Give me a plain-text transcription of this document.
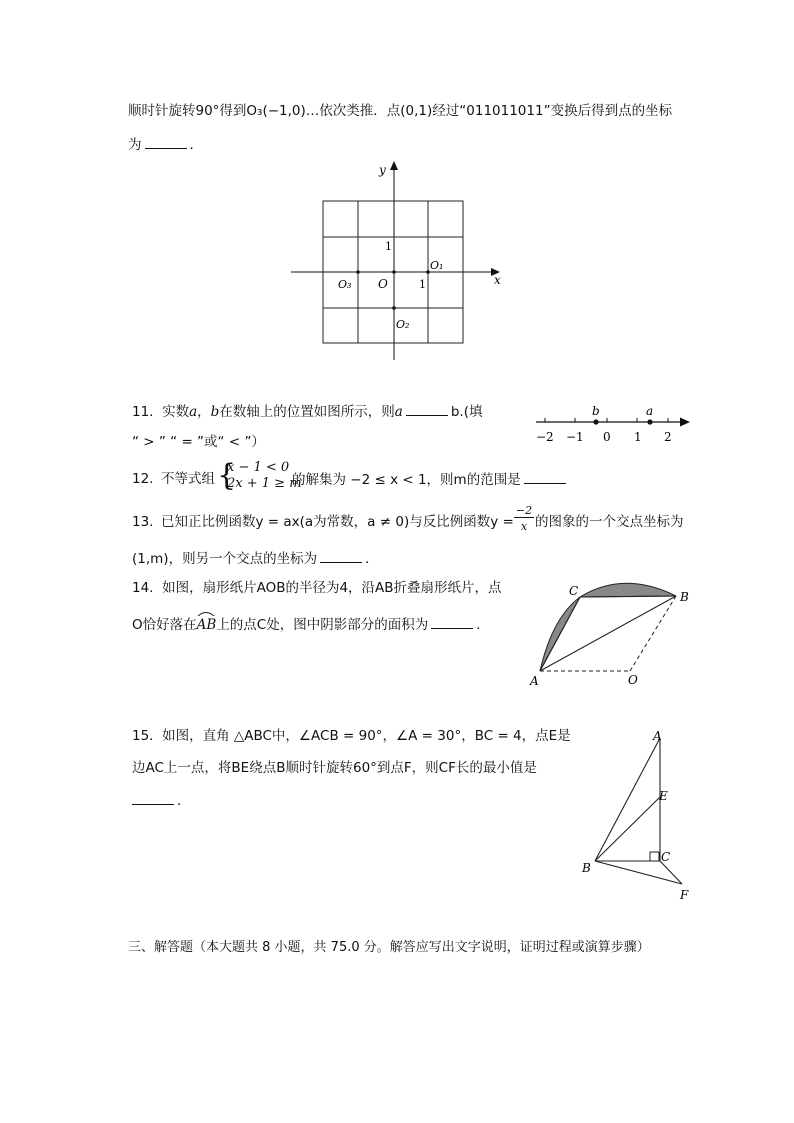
顺时针旋转90°得到O₃(−1,0)…依次类推．点(0,1)经过“011011011”变换后得到点的坐标
为	．
y
x
1
1
O
O₁
O₂
O₃
11. 实数a，b在数轴上的位置如图所示，则a	b.(填
“ > ” “ = ”或“ < ”）
b	a
−2 −1 0 1 2
12. 不等式组 {
x − 1 < 0
2x + 1 ≥ m
的解集为 −2 ≤ x < 1，则m的范围是
13. 已知正比例函数y = ax(a为常数，a ≠ 0)与反比例函数y =
−2
x 的图象的一个交点坐标为
(1,m)，则另一个交点的坐标为	．
14. 如图，扇形纸片AOB的半径为4，沿AB折叠扇形纸片，点
O恰好落在
AB上的点C处，图中阴影部分的面积为	．
A
C	B
O
15. 如图，直角 △ABC中，∠ACB = 90°，∠A = 30°，BC = 4，点E是
边AC上一点，将BE绕点B顺时针旋转60°到点F，则CF长的最小值是
．
A
E
C
B
F
三、解答题（本大题共 8 小题，共 75.0 分。解答应写出文字说明，证明过程或演算步骤）
